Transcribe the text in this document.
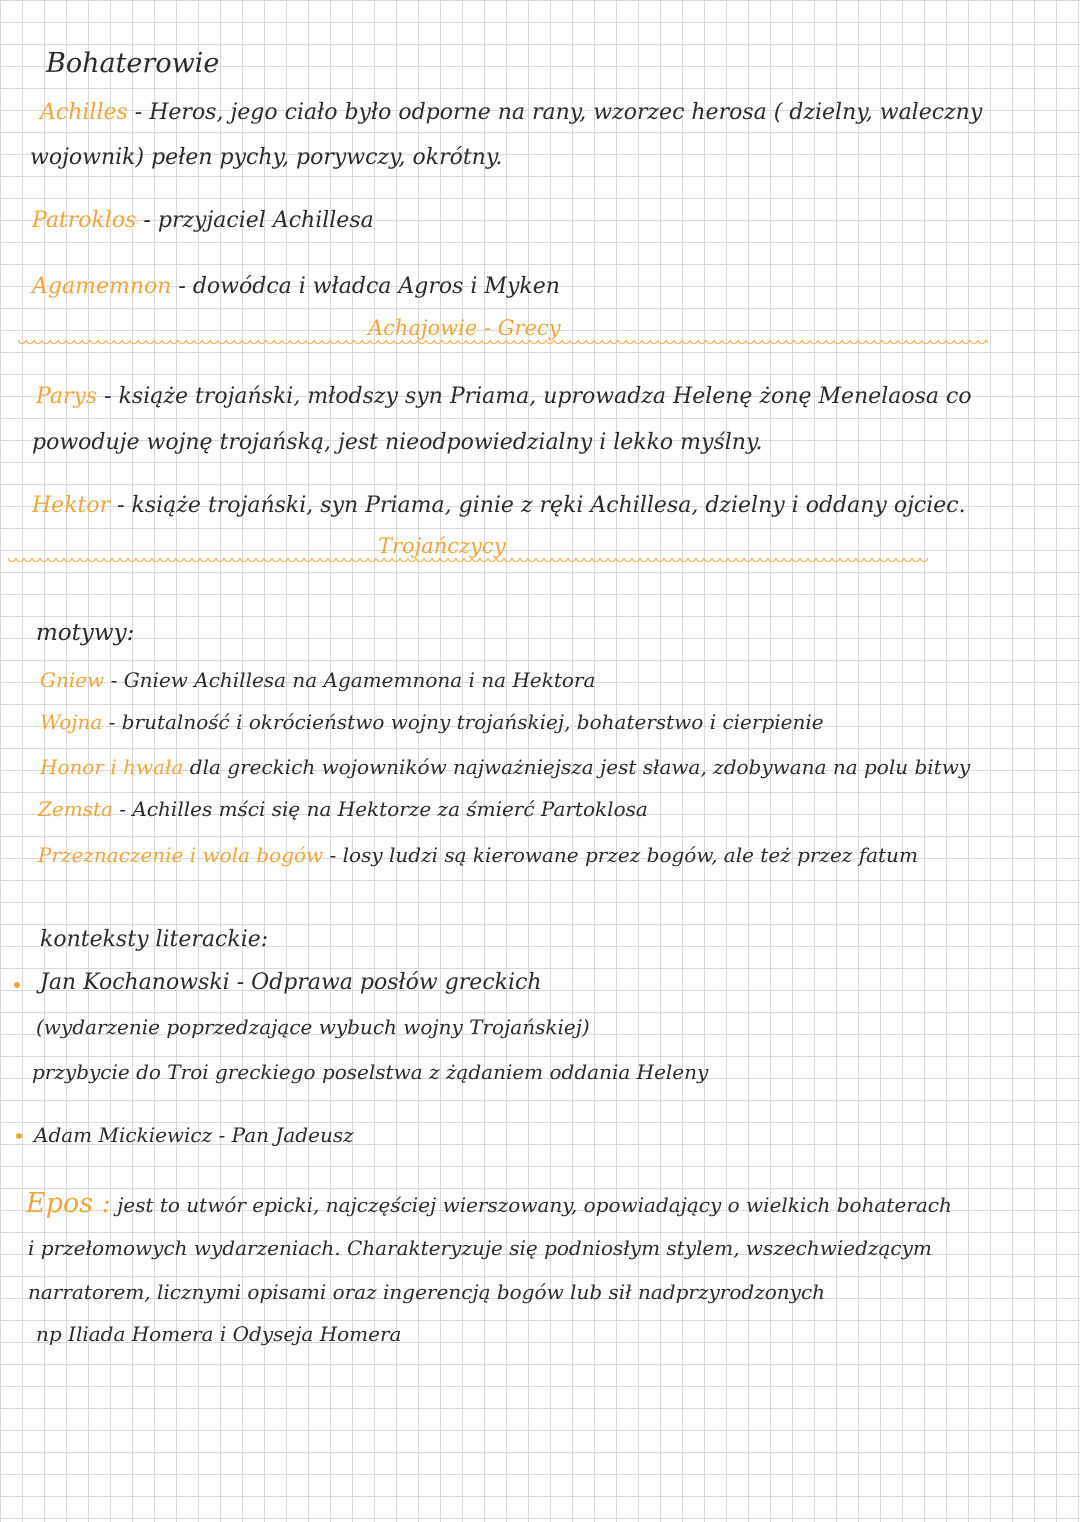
Bohaterowie
Achilles - Heros, jego ciało było odporne na rany, wzorzec herosa ( dzielny, waleczny
wojownik) pełen pychy, porywczy, okrótny.
Patroklos - przyjaciel Achillesa
Agamemnon - dowódca i władca Agros i Myken
Achajowie - Grecy
Parys - książe trojański, młodszy syn Priama, uprowadza Helenę żonę Menelaosa co
powoduje wojnę trojańską, jest nieodpowiedzialny i lekko myślny.
Hektor - książe trojański, syn Priama, ginie z ręki Achillesa, dzielny i oddany ojciec.
Trojańczycy
motywy:
Gniew - Gniew Achillesa na Agamemnona i na Hektora
Wojna - brutalność i okrócieństwo wojny trojańskiej, bohaterstwo i cierpienie
Honor i hwała dla greckich wojowników najważniejsza jest sława, zdobywana na polu bitwy
Zemsta - Achilles mści się na Hektorze za śmierć Partoklosa
Przeznaczenie i wola bogów - losy ludzi są kierowane przez bogów, ale też przez fatum
konteksty literackie:
Jan Kochanowski - Odprawa posłów greckich
(wydarzenie poprzedzające wybuch wojny Trojańskiej)
przybycie do Troi greckiego poselstwa z żądaniem oddania Heleny
Adam Mickiewicz - Pan Jadeusz
Epos : jest to utwór epicki, najczęściej wierszowany, opowiadający o wielkich bohaterach
i przełomowych wydarzeniach. Charakteryzuje się podniosłym stylem, wszechwiedzącym
narratorem, licznymi opisami oraz ingerencją bogów lub sił nadprzyrodzonych
np Iliada Homera i Odyseja Homera
